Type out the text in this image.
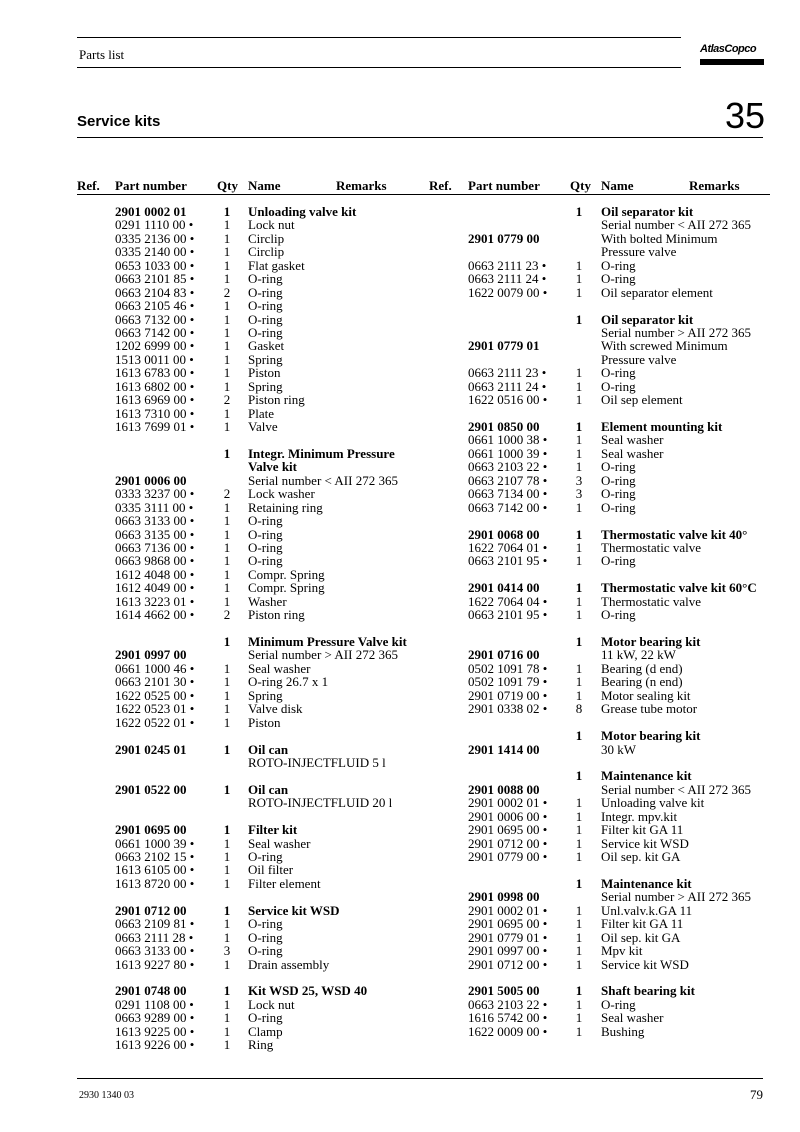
Parts list	AtlasCopco
Service kits	35
Ref. Part number Qty Name	Remarks	Ref. Part number Qty Name	Remarks
2901 0002 01	1	Unloading valve kit
0291 1110 00 •	1	Lock nut
0335 2136 00 •	1	Circlip
0335 2140 00 •	1	Circlip
0653 1033 00 •	1	Flat gasket
0663 2101 85 •	1	O-ring
0663 2104 83 •	2	O-ring
0663 2105 46 •	1	O-ring
0663 7132 00 •	1	O-ring
0663 7142 00 •	1	O-ring
1202 6999 00 •	1	Gasket
1513 0011 00 •	1	Spring
1613 6783 00 •	1	Piston
1613 6802 00 •	1	Spring
1613 6969 00 •	2	Piston ring
1613 7310 00 •	1	Plate
1613 7699 01 •	1	Valve
1	Integr. Minimum Pressure
Valve kit
2901 0006 00	Serial number < AII 272 365
0333 3237 00 •	2	Lock washer
0335 3111 00 •	1	Retaining ring
0663 3133 00 •	1	O-ring
0663 3135 00 •	1	O-ring
0663 7136 00 •	1	O-ring
0663 9868 00 •	1	O-ring
1612 4048 00 •	1	Compr. Spring
1612 4049 00 •	1	Compr. Spring
1613 3223 01 •	1	Washer
1614 4662 00 •	2	Piston ring
1	Minimum Pressure Valve kit
2901 0997 00	Serial number > AII 272 365
0661 1000 46 •	1	Seal washer
0663 2101 30 •	1	O-ring 26.7 x 1
1622 0525 00 •	1	Spring
1622 0523 01 •	1	Valve disk
1622 0522 01 •	1	Piston
2901 0245 01	1	Oil can
ROTO-INJECTFLUID 5 l
2901 0522 00	1	Oil can
ROTO-INJECTFLUID 20 l
2901 0695 00	1	Filter kit
0661 1000 39 •	1	Seal washer
0663 2102 15 •	1	O-ring
1613 6105 00 •	1	Oil filter
1613 8720 00 •	1	Filter element
2901 0712 00	1	Service kit WSD
0663 2109 81 •	1	O-ring
0663 2111 28 •	1	O-ring
0663 3133 00 •	3	O-ring
1613 9227 80 •	1	Drain assembly
2901 0748 00	1	Kit WSD 25, WSD 40
0291 1108 00 •	1	Lock nut
0663 9289 00 •	1	O-ring
1613 9225 00 •	1	Clamp
1613 9226 00 •	1	Ring
1	Oil separator kit
Serial number < AII 272 365
2901 0779 00	With bolted Minimum
Pressure valve
0663 2111 23 •	1	O-ring
0663 2111 24 •	1	O-ring
1622 0079 00 •	1	Oil separator element
1	Oil separator kit
Serial number > AII 272 365
2901 0779 01	With screwed Minimum
Pressure valve
0663 2111 23 •	1	O-ring
0663 2111 24 •	1	O-ring
1622 0516 00 •	1	Oil sep element
2901 0850 00	1	Element mounting kit
0661 1000 38 •	1	Seal washer
0661 1000 39 •	1	Seal washer
0663 2103 22 •	1	O-ring
0663 2107 78 •	3	O-ring
0663 7134 00 •	3	O-ring
0663 7142 00 •	1	O-ring
2901 0068 00	1	Thermostatic valve kit 40°
1622 7064 01 •	1	Thermostatic valve
0663 2101 95 •	1	O-ring
2901 0414 00	1	Thermostatic valve kit 60°C
1622 7064 04 •	1	Thermostatic valve
0663 2101 95 •	1	O-ring
1	Motor bearing kit
2901 0716 00	11 kW, 22 kW
0502 1091 78 •	1	Bearing (d end)
0502 1091 79 •	1	Bearing (n end)
2901 0719 00 •	1	Motor sealing kit
2901 0338 02 •	8	Grease tube motor
1	Motor bearing kit
2901 1414 00	30 kW
1	Maintenance kit
2901 0088 00	Serial number < AII 272 365
2901 0002 01 •	1	Unloading valve kit
2901 0006 00 •	1	Integr. mpv.kit
2901 0695 00 •	1	Filter kit GA 11
2901 0712 00 •	1	Service kit WSD
2901 0779 00 •	1	Oil sep. kit GA
1	Maintenance kit
2901 0998 00	Serial number > AII 272 365
2901 0002 01 •	1	Unl.valv.k.GA 11
2901 0695 00 •	1	Filter kit GA 11
2901 0779 01 •	1	Oil sep. kit GA
2901 0997 00 •	1	Mpv kit
2901 0712 00 •	1	Service kit WSD
2901 5005 00	1	Shaft bearing kit
0663 2103 22 •	1	O-ring
1616 5742 00 •	1	Seal washer
1622 0009 00 •	1	Bushing
2930 1340 03	79
